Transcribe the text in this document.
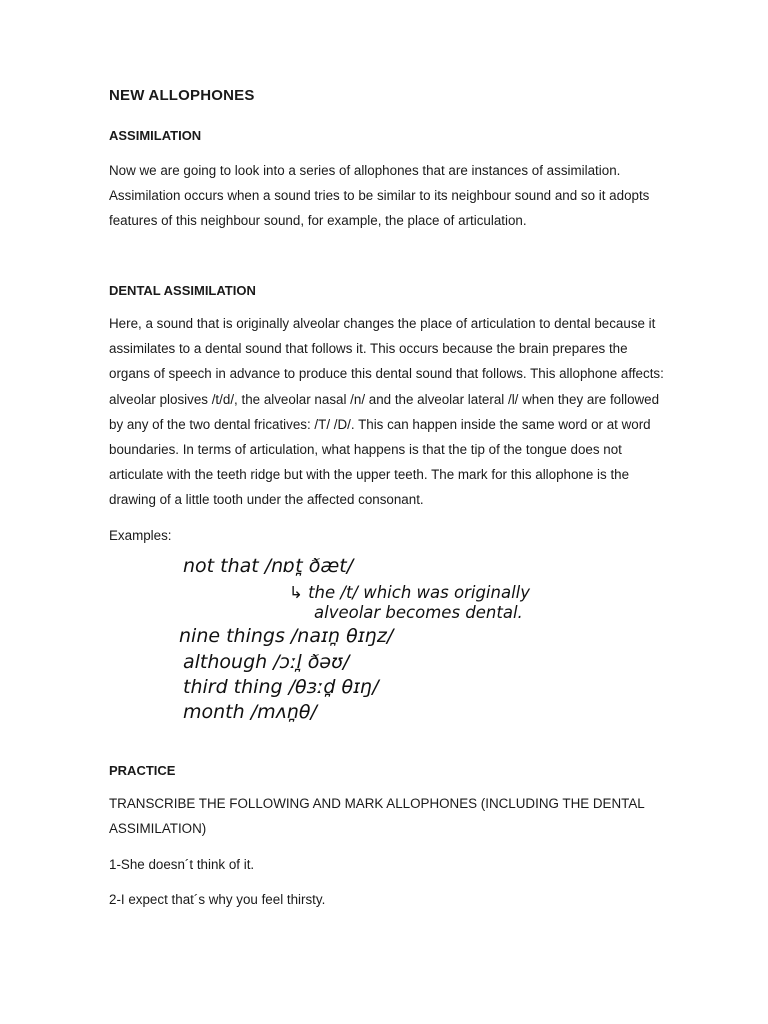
NEW ALLOPHONES
ASSIMILATION

Now we are going to look into a series of allophones that are instances of assimilation. Assimilation occurs when a sound tries to be similar to its neighbour sound and so it adopts features of this neighbour sound, for example, the place of articulation.

DENTAL ASSIMILATION

Here, a sound that is originally alveolar changes the place of articulation to dental because it assimilates to a dental sound that follows it. This occurs because the brain prepares the organs of speech in advance to produce this dental sound that follows. This allophone affects: alveolar plosives /t/d/, the alveolar nasal /n/ and the alveolar lateral /l/ when they are followed by any of the two dental fricatives: /T/ /D/. This can happen inside the same word or at word boundaries. In terms of articulation, what happens is that the tip of the tongue does not articulate with the teeth ridge but with the upper teeth. The mark for this allophone is the drawing of a little tooth under the affected consonant.

Examples:

PRACTICE

TRANSCRIBE THE FOLLOWING AND MARK ALLOPHONES (INCLUDING THE DENTAL ASSIMILATION)

1-She doesn´t think of it.

2-I expect that´s why you feel thirsty.

not that /nɒt̪ ðæt/
↳ the /t/ which was originally
alveolar becomes dental.
nine things /naɪn̪ θɪŋz/
although /ɔːl̪ ðəʊ/
third thing /θɜːd̪ θɪŋ/
month /mʌn̪θ/
